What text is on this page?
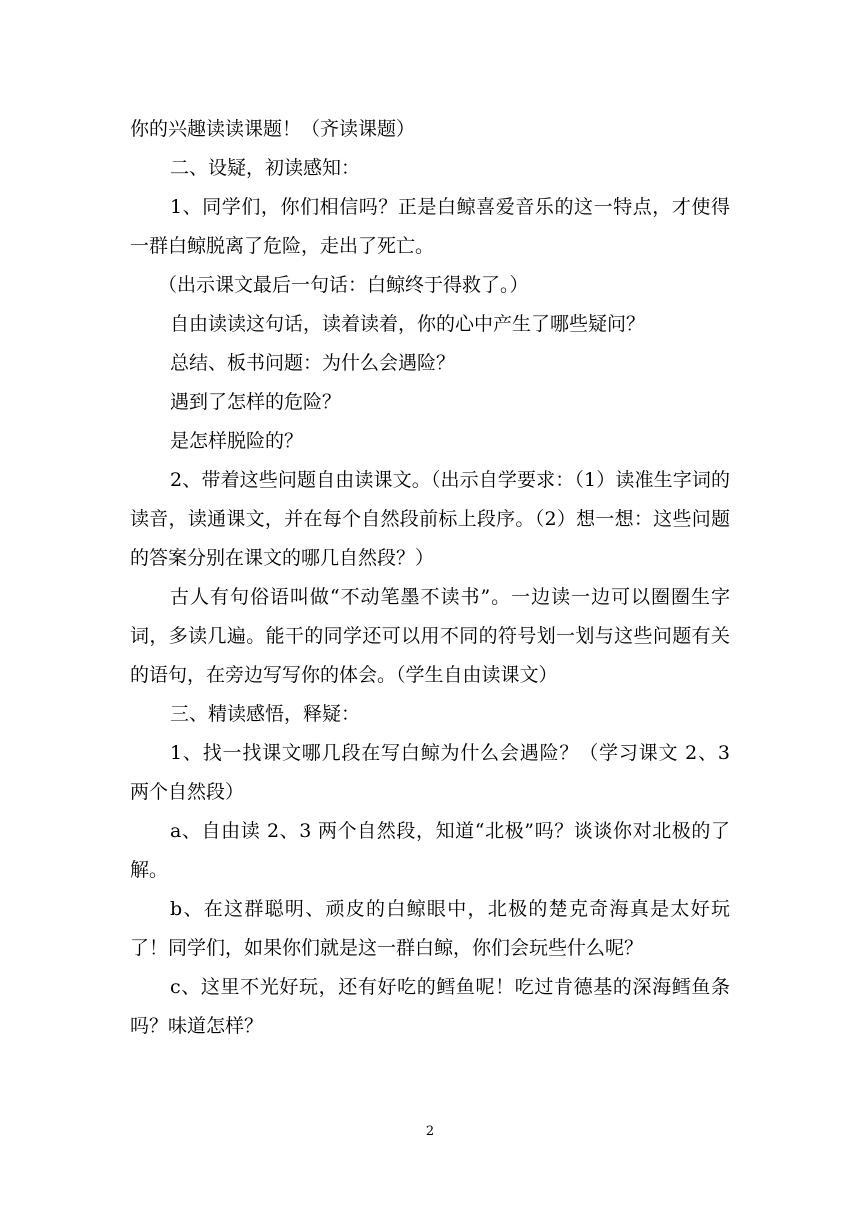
你的兴趣读读课题！（齐读课题）

二、设疑，初读感知：

1、同学们，你们相信吗？正是白鲸喜爱音乐的这一特点，才使得一群白鲸脱离了危险，走出了死亡。

（出示课文最后一句话：白鲸终于得救了。）

自由读读这句话，读着读着，你的心中产生了哪些疑问？

总结、板书问题：为什么会遇险？

遇到了怎样的危险？

是怎样脱险的？

2、带着这些问题自由读课文。（出示自学要求：（1）读准生字词的读音，读通课文，并在每个自然段前标上段序。（2）想一想：这些问题的答案分别在课文的哪几自然段？）

古人有句俗语叫做“不动笔墨不读书”。一边读一边可以圈圈生字词，多读几遍。能干的同学还可以用不同的符号划一划与这些问题有关的语句，在旁边写写你的体会。（学生自由读课文）

三、精读感悟，释疑：

1、找一找课文哪几段在写白鲸为什么会遇险？（学习课文 2、3 两个自然段）

a、自由读 2、3 两个自然段，知道“北极”吗？谈谈你对北极的了解。

b、在这群聪明、顽皮的白鲸眼中，北极的楚克奇海真是太好玩了！同学们，如果你们就是这一群白鲸，你们会玩些什么呢？

c、这里不光好玩，还有好吃的鳕鱼呢！吃过肯德基的深海鳕鱼条吗？味道怎样？

2
